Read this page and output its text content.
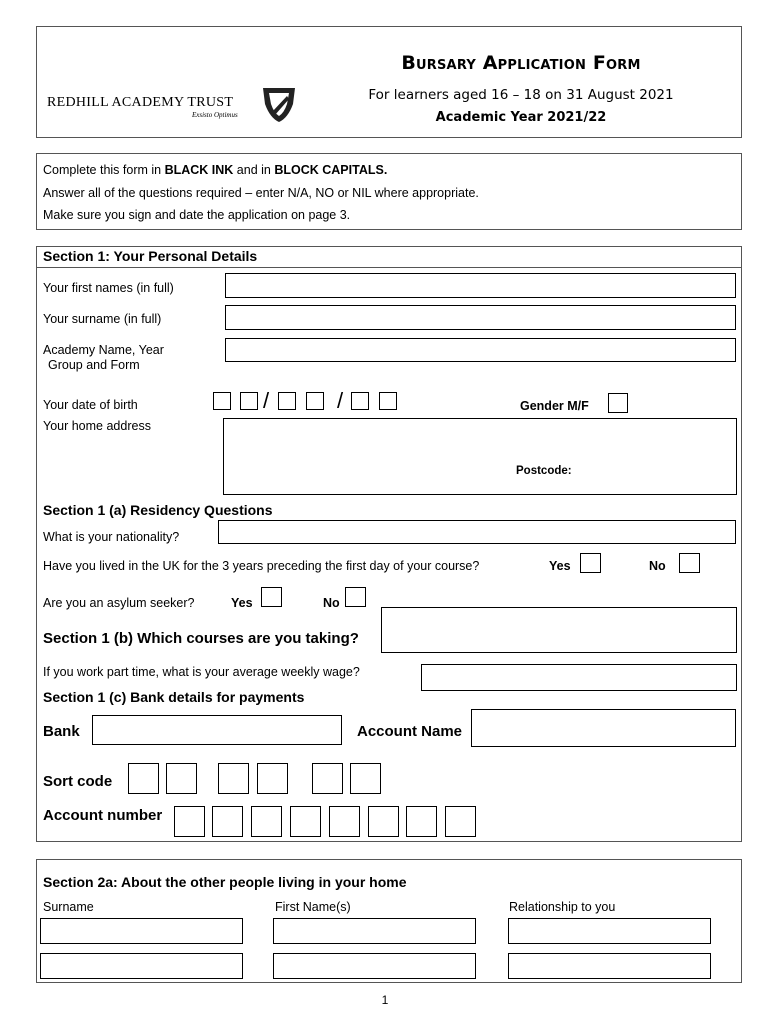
REDHILL ACADEMY TRUST
Exsisto Optimus
Bursary Application Form
For learners aged 16 – 18 on 31 August 2021
Academic Year 2021/22
Complete this form in BLACK INK and in BLOCK CAPITALS.
Answer all of the questions required – enter N/A, NO or NIL where appropriate.
Make sure you sign and date the application on page 3.
Section 1: Your Personal Details
Your first names (in full)
Your surname (in full)
Academy Name, Year
Group and Form
Your date of birth	/	/	Gender M/F
Your home address
Postcode:
Section 1 (a) Residency Questions
What is your nationality?
Have you lived in the UK for the 3 years preceding the first day of your course?	Yes	No
Are you an asylum seeker?	Yes	No
Section 1 (b) Which courses are you taking?
If you work part time, what is your average weekly wage?
Section 1 (c) Bank details for payments
Bank	Account Name
Sort code
Account number
Section 2a: About the other people living in your home
Surname	First Name(s)	Relationship to you
1
